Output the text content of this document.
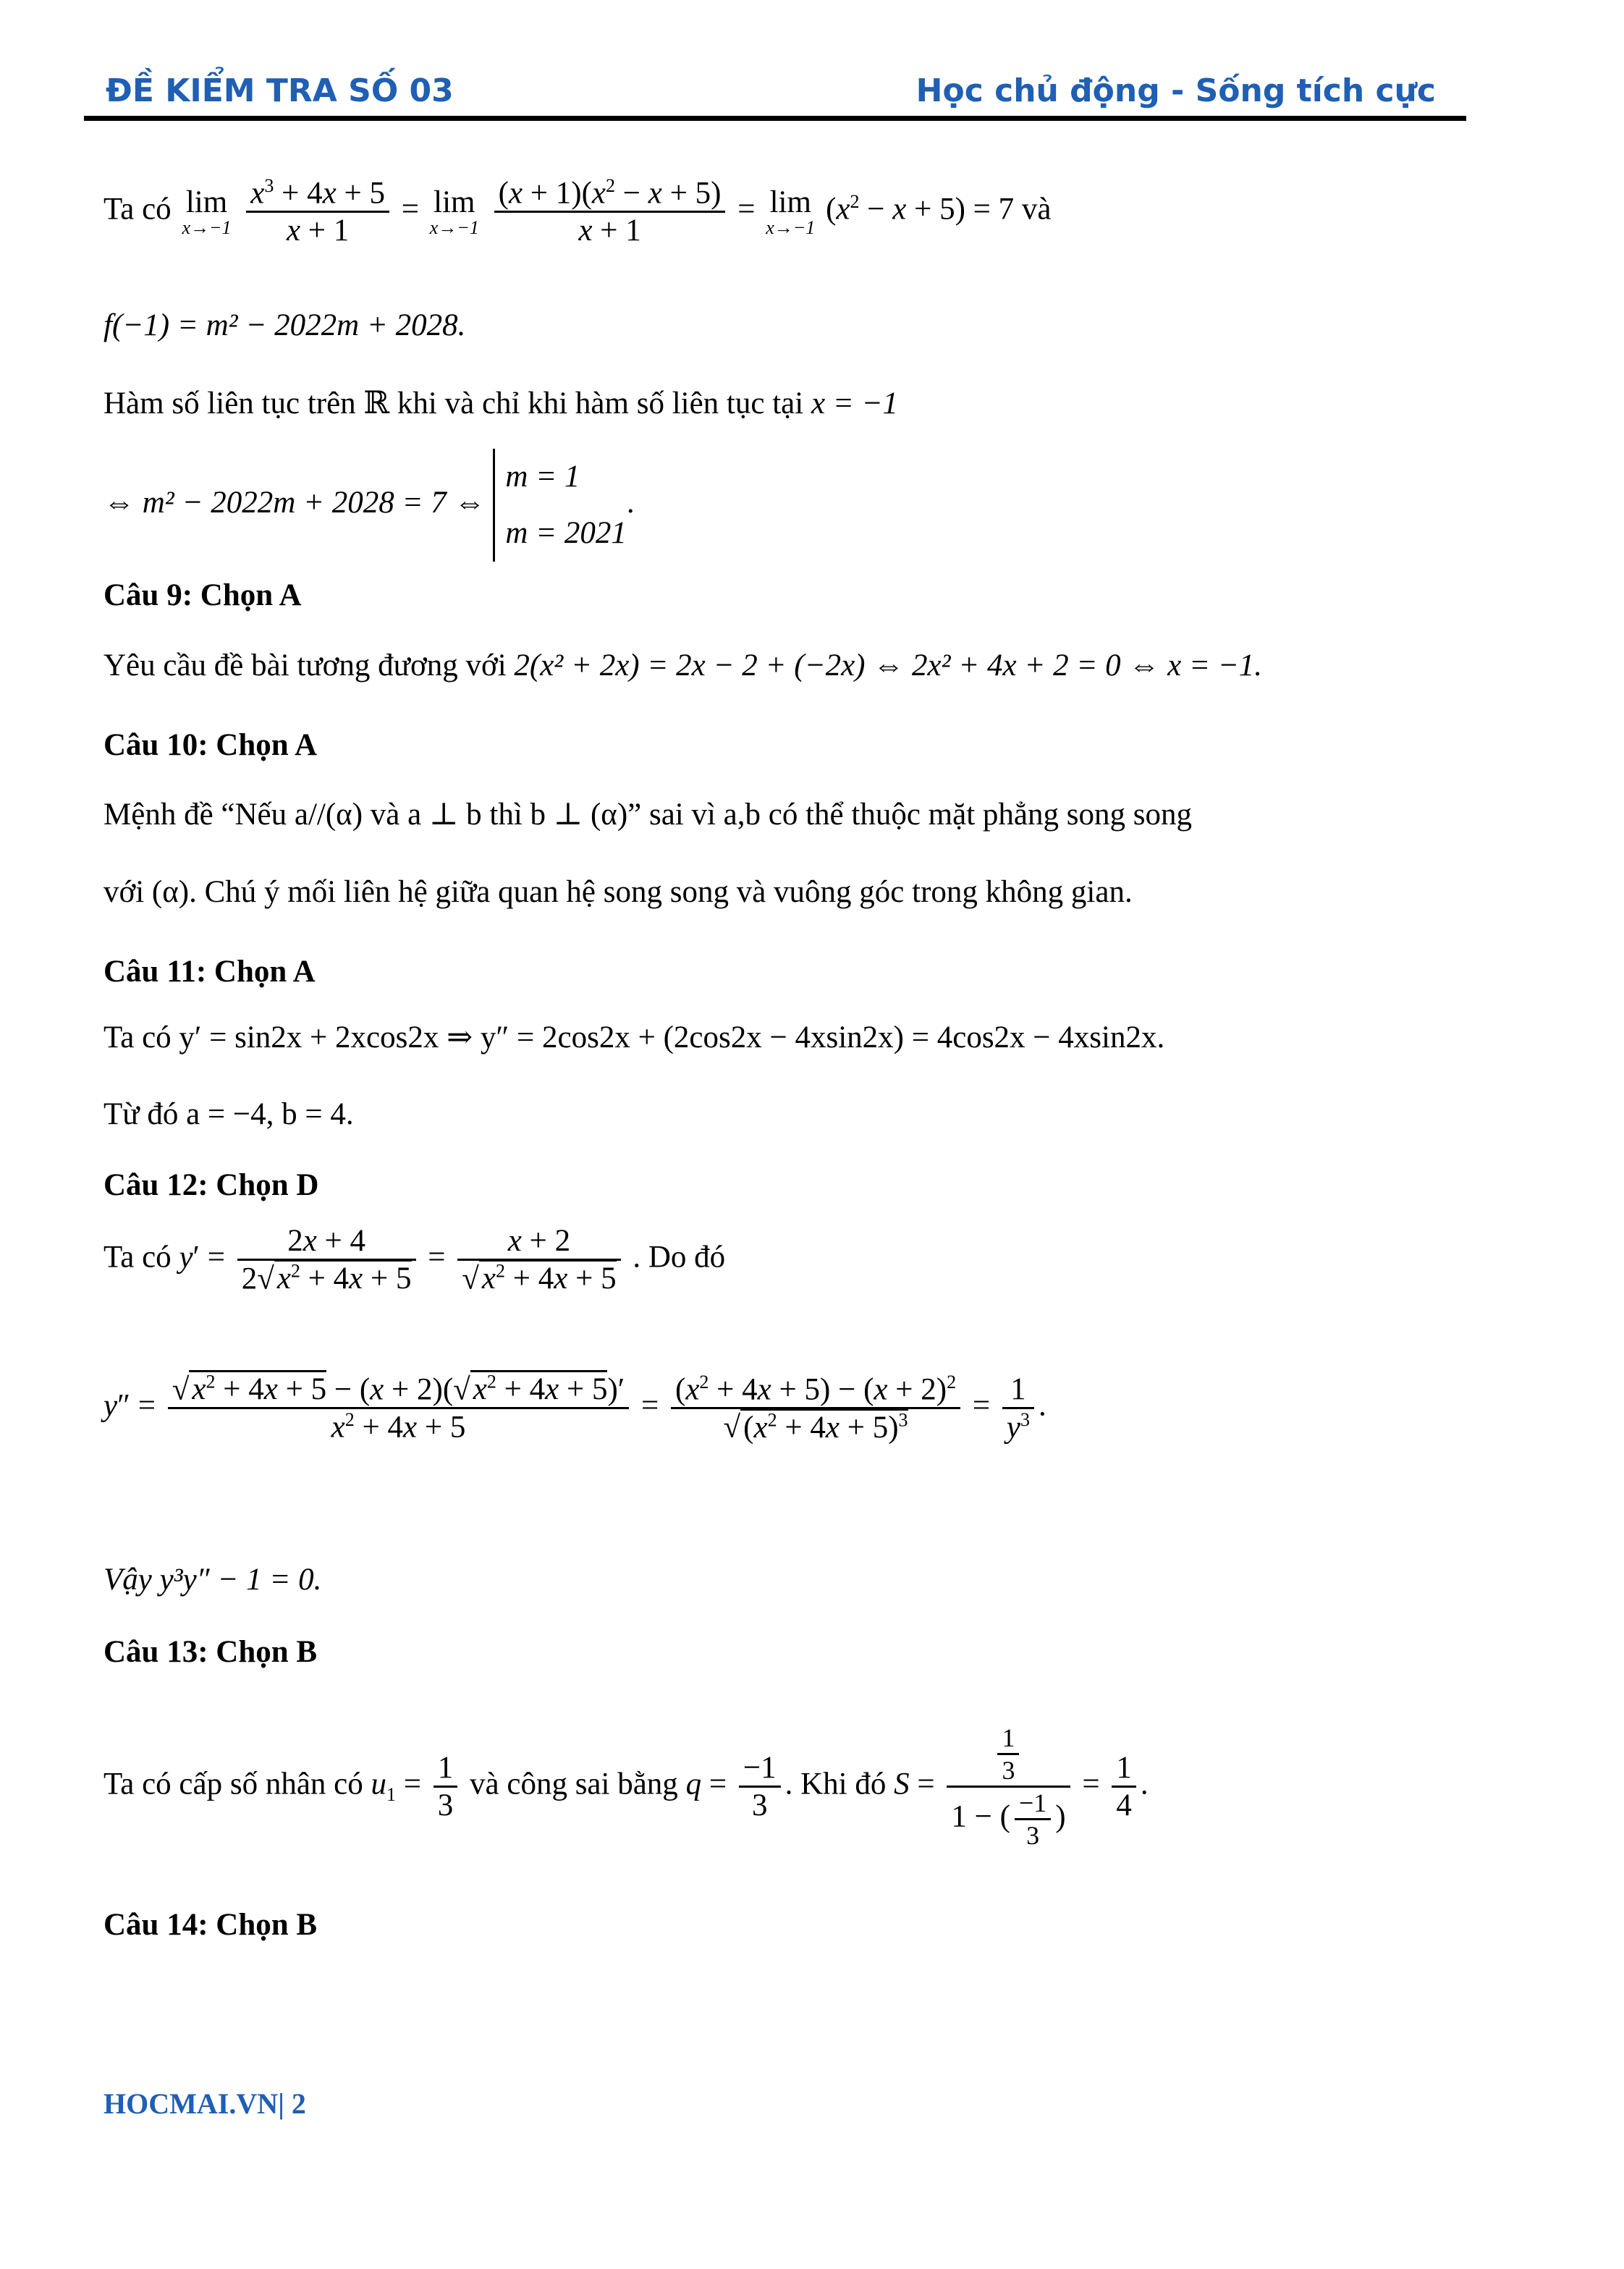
ĐỀ KIỂM TRA SỐ 03	Học chủ động - Sống tích cực
Ta có lim
x→−1
$\frac{x^3 + 4x + 5}{x + 1} = \lim$
x→−1
$\frac{(x + 1)(x^2 - x + 5)}{x + 1} = \lim$
x→−1
$(x^2 - x + 5) = 7$ và
f(−1) = m² − 2022m + 2028.
Hàm số liên tục trên ℝ khi và chỉ khi hàm số liên tục tại x = −1
⇔ m² − 2022m + 2028 = 7 ⇔
m = 1
m = 2021
.
Câu 9: Chọn A
Yêu cầu đề bài tương đương với 2(x² + 2x) = 2x − 2 + (−2x) ⇔ 2x² + 4x + 2 = 0 ⇔ x = −1.
Câu 10: Chọn A
Mệnh đề “Nếu a//(α) và a ⊥ b thì b ⊥ (α)” sai vì a,b có thể thuộc mặt phẳng song song
với (α). Chú ý mối liên hệ giữa quan hệ song song và vuông góc trong không gian.
Câu 11: Chọn A
Ta có y′ = sin2x + 2xcos2x ⇒ y″ = 2cos2x + (2cos2x − 4xsin2x) = 4cos2x − 4xsin2x.
Từ đó a = −4, b = 4.
Câu 12: Chọn D
Ta có $y' = \frac{2x + 4}{2√x^2 + 4x + 5} = \frac{x + 2}{√x^2 + 4x + 5}$ . Do đó
$y'' = \frac{√x^2 + 4x + 5 - (x + 2)(√x^2 + 4x + 5)'}{x^2 + 4x + 5} = \frac{(x^2 + 4x + 5) - (x + 2)^2}{√(x^2 + 4x + 5)^3} = \frac{1}{y^3}$ .
Vậy y³y″ − 1 = 0.
Câu 13: Chọn B
Ta có cấp số nhân có $u_1 = \frac{1}{3}$ và công sai bằng $q = \frac{-1}{3}$ . Khi đó $S = \frac{\frac{1}{3}}{1 - ( \frac{-1}{3} )} = \frac{1}{4}$ .
Câu 14: Chọn B
HOCMAI.VN| 2
